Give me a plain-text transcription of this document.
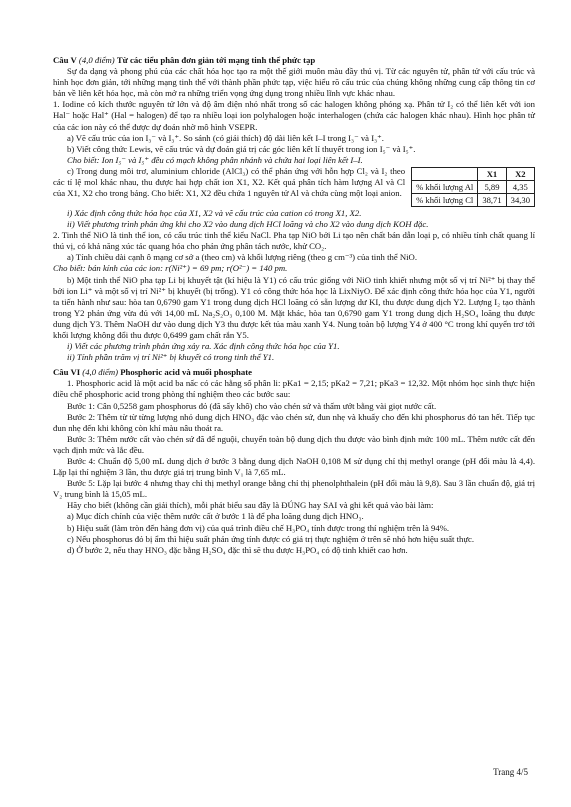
Câu V (4,0 điểm) Từ các tiểu phân đơn giản tới mạng tinh thể phức tạp

Sự đa dạng và phong phú của các chất hóa học tạo ra một thế giới muôn màu đầy thú vị. Từ các nguyên tử, phân tử với cấu trúc và hình học đơn giản, tới những mạng tinh thể với thành phần phức tạp, việc hiểu rõ cấu trúc của chúng không những cung cấp thông tin cơ bản về liên kết hóa học, mà còn mở ra những triển vọng ứng dụng trong nhiều lĩnh vực khác nhau.

1. Iodine có kích thước nguyên tử lớn và độ âm điện nhỏ nhất trong số các halogen không phóng xạ. Phân tử I₂ có thể liên kết với ion Hal⁻ hoặc Hal⁺ (Hal = halogen) để tạo ra nhiều loại ion polyhalogen hoặc interhalogen (chứa các halogen khác nhau). Hình học phân tử của các ion này có thể được dự đoán nhờ mô hình VSEPR.

a) Vẽ cấu trúc của ion I₃⁻ và I₃⁺. So sánh (có giải thích) độ dài liên kết I–I trong I₃⁻ và I₃⁺.

b) Viết công thức Lewis, vẽ cấu trúc và dự đoán giá trị các góc liên kết lí thuyết trong ion I₅⁻ và I₅⁺.

Cho biết: Ion I₅⁻ và I₅⁺ đều có mạch không phân nhánh và chứa hai loại liên kết I–I.

	X1	X2
% khối lượng Al	5,89	4,35
% khối lượng Cl	38,71	34,30

c) Trong dung môi trơ, aluminium chloride (AlCl₃) có thể phản ứng với hỗn hợp Cl₂ và I₂ theo các tỉ lệ mol khác nhau, thu được hai hợp chất ion X1, X2. Kết quả phân tích hàm lượng Al và Cl của X1, X2 cho trong bảng. Cho biết: X1, X2 đều chứa 1 nguyên tử Al và chứa cùng một loại anion.

i) Xác định công thức hóa học của X1, X2 và vẽ cấu trúc của cation có trong X1, X2.

ii) Viết phương trình phản ứng khi cho X2 vào dung dịch HCl loãng và cho X2 vào dung dịch KOH đặc.

2. Tinh thể NiO là tinh thể ion, có cấu trúc tinh thể kiểu NaCl. Pha tạp NiO bởi Li tạo nên chất bán dẫn loại p, có nhiều tính chất quang lí thú vị, có khả năng xúc tác quang hóa cho phản ứng phân tách nước, khử CO₂.

a) Tính chiều dài cạnh ô mạng cơ sở a (theo cm) và khối lượng riêng (theo g cm⁻³) của tinh thể NiO.

Cho biết: bán kính của các ion: r(Ni²⁺) = 69 pm; r(O²⁻) = 140 pm.

b) Một tinh thể NiO pha tạp Li bị khuyết tật (kí hiệu là Y1) có cấu trúc giống với NiO tinh khiết nhưng một số vị trí Ni²⁺ bị thay thế bởi ion Li⁺ và một số vị trí Ni²⁺ bị khuyết (bị trống). Y1 có công thức hóa học là LixNiyO. Để xác định công thức hóa học của Y1, người ta tiến hành như sau: hòa tan 0,6790 gam Y1 trong dung dịch HCl loãng có sẵn lượng dư KI, thu được dung dịch Y2. Lượng I₂ tạo thành trong Y2 phản ứng vừa đủ với 14,00 mL Na₂S₂O₃ 0,100 M. Mặt khác, hòa tan 0,6790 gam Y1 trong dung dịch H₂SO₄ loãng thu được dung dịch Y3. Thêm NaOH dư vào dung dịch Y3 thu được kết tủa màu xanh Y4. Nung toàn bộ lượng Y4 ở 400 °C trong khí quyển trơ tới khối lượng không đổi thu được 0,6499 gam chất rắn Y5.

i) Viết các phương trình phản ứng xảy ra. Xác định công thức hóa học của Y1.

ii) Tính phần trăm vị trí Ni²⁺ bị khuyết có trong tinh thể Y1.

Câu VI (4,0 điểm) Phosphoric acid và muối phosphate

1. Phosphoric acid là một acid ba nấc có các hằng số phân li: pKa1 = 2,15; pKa2 = 7,21; pKa3 = 12,32. Một nhóm học sinh thực hiện điều chế phosphoric acid trong phòng thí nghiệm theo các bước sau:

Bước 1: Cân 0,5258 gam phosphorus đỏ (đã sấy khô) cho vào chén sứ và thấm ướt bằng vài giọt nước cất.

Bước 2: Thêm từ từ từng lượng nhỏ dung dịch HNO₃ đặc vào chén sứ, đun nhẹ và khuấy cho đến khi phosphorus đỏ tan hết. Tiếp tục đun nhẹ đến khi không còn khí màu nâu thoát ra.

Bước 3: Thêm nước cất vào chén sứ đã để nguội, chuyển toàn bộ dung dịch thu được vào bình định mức 100 mL. Thêm nước cất đến vạch định mức và lắc đều.

Bước 4: Chuẩn độ 5,00 mL dung dịch ở bước 3 bằng dung dịch NaOH 0,108 M sử dụng chỉ thị methyl orange (pH đổi màu là 4,4). Lặp lại thí nghiệm 3 lần, thu được giá trị trung bình V₁ là 7,65 mL.

Bước 5: Lặp lại bước 4 nhưng thay chỉ thị methyl orange bằng chỉ thị phenolphthalein (pH đổi màu là 9,8). Sau 3 lần chuẩn độ, giá trị V₂ trung bình là 15,05 mL.

Hãy cho biết (không cần giải thích), mỗi phát biểu sau đây là ĐÚNG hay SAI và ghi kết quả vào bài làm:

a) Mục đích chính của việc thêm nước cất ở bước 1 là để pha loãng dung dịch HNO₃.

b) Hiệu suất (làm tròn đến hàng đơn vị) của quá trình điều chế H₃PO₄ tính được trong thí nghiệm trên là 94%.

c) Nếu phosphorus đỏ bị ẩm thì hiệu suất phản ứng tính được có giá trị thực nghiệm ở trên sẽ nhỏ hơn hiệu suất thực.

d) Ở bước 2, nếu thay HNO₃ đặc bằng H₂SO₄ đặc thì sẽ thu được H₃PO₄ có độ tinh khiết cao hơn.

Trang 4/5
